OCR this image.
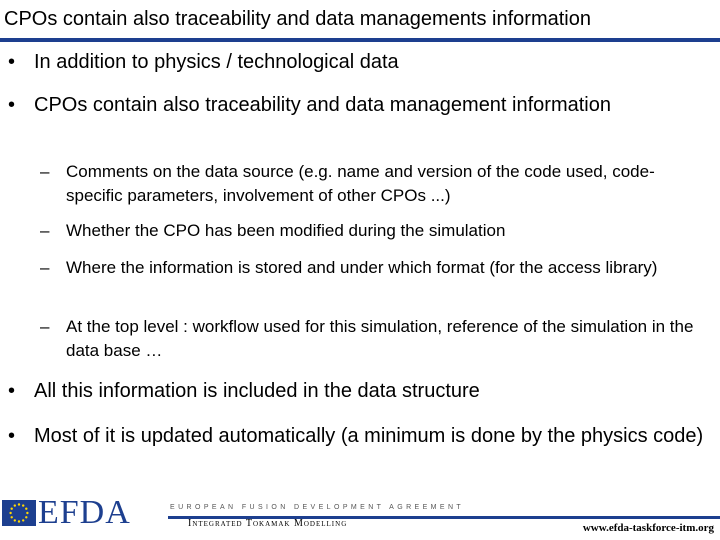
CPOs contain also traceability and data managements information
• In addition to physics / technological data
• CPOs contain also traceability and data management information
– Comments on the data source (e.g. name and version of the code used, code-specific parameters, involvement of other CPOs ...)
– Whether the CPO has been modified during the simulation
– Where the information is stored and under which format (for the access library)
– At the top level : workflow used for this simulation, reference of the simulation in the data base …
• All this information is included in the data structure
• Most of it is updated automatically (a minimum is done by the physics code)
EFDA	EUROPEAN FUSION DEVELOPMENT AGREEMENT
Integrated Tokamak Modelling	www.efda-taskforce-itm.org
